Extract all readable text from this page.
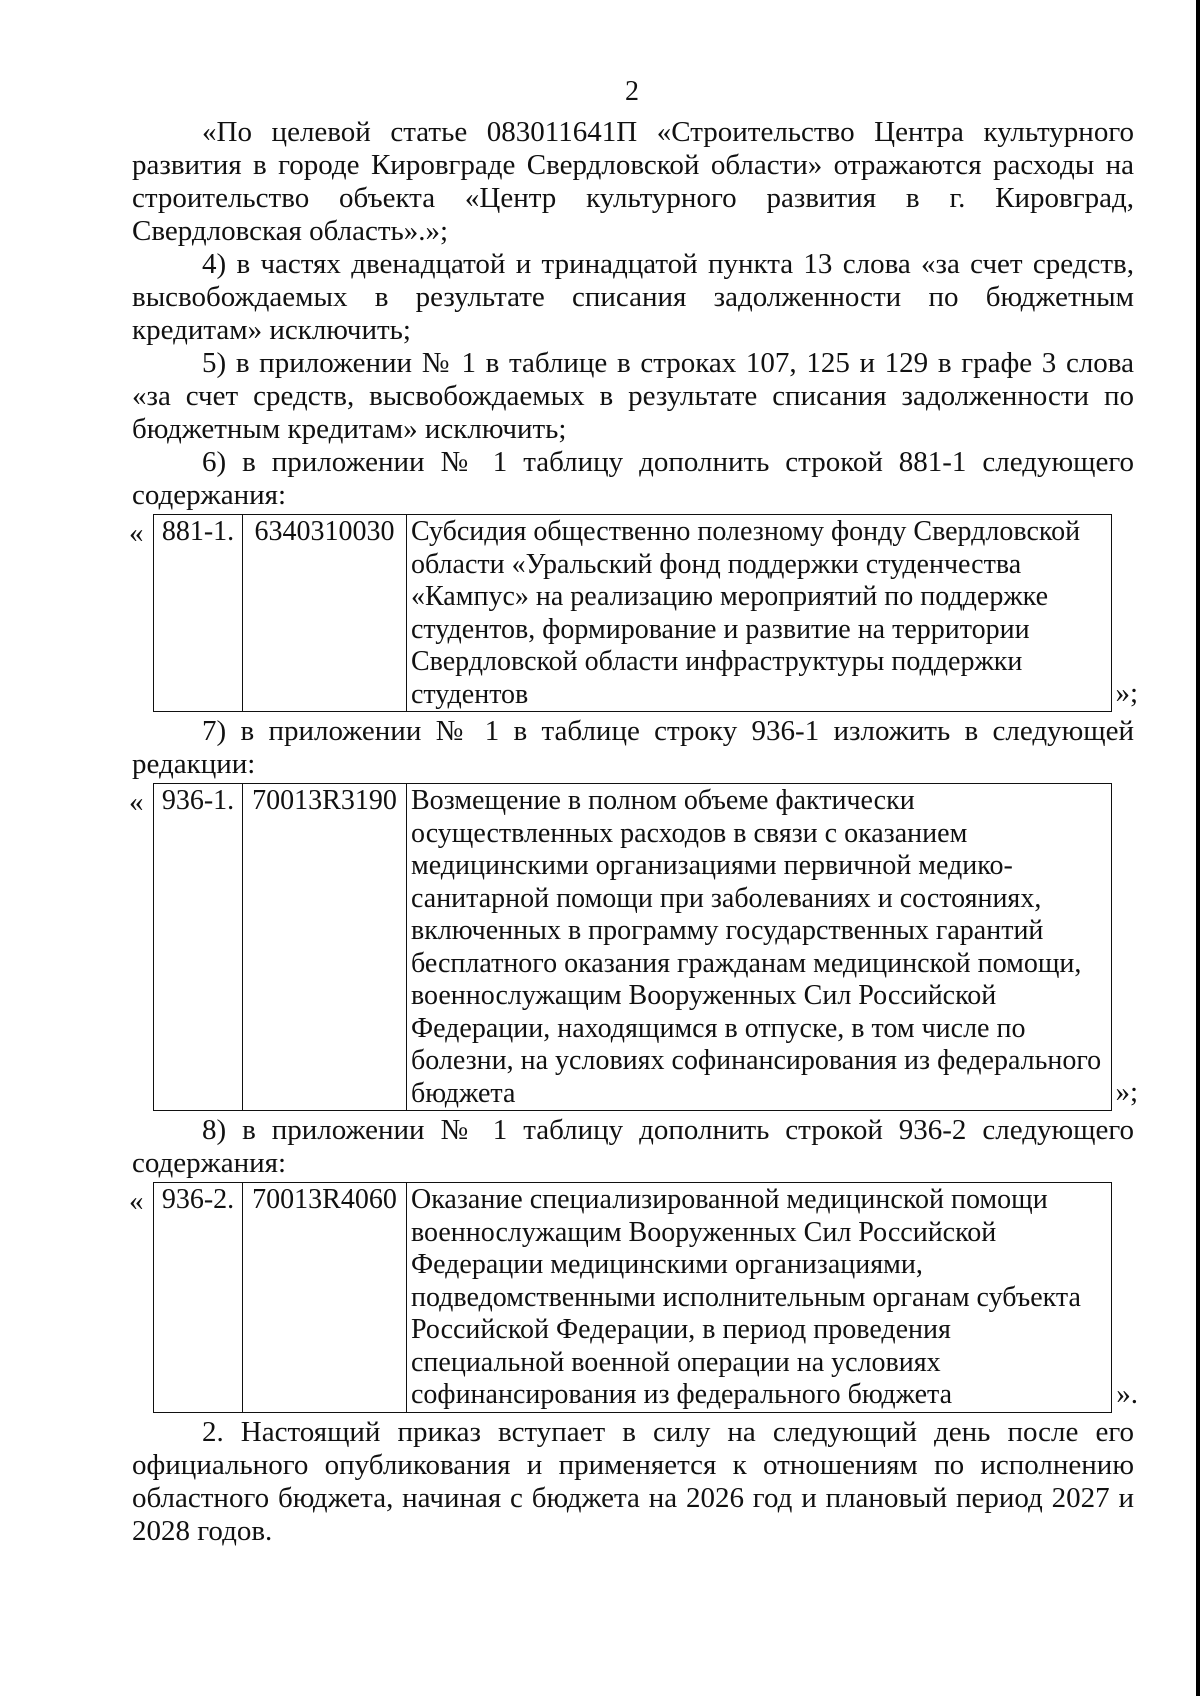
2

«По целевой статье 083011641П «Строительство Центра культурного развития в городе Кировграде Свердловской области» отражаются расходы на строительство объекта «Центр культурного развития в г. Кировград, Свердловская область».»;

4) в частях двенадцатой и тринадцатой пункта 13 слова «за счет средств, высвобождаемых в результате списания задолженности по бюджетным кредитам» исключить;

5) в приложении № 1 в таблице в строках 107, 125 и 129 в графе 3 слова «за счет средств, высвобождаемых в результате списания задолженности по бюджетным кредитам» исключить;

6) в приложении № 1 таблицу дополнить строкой 881-1 следующего содержания:

« 881-1.	6340310030	Субсидия общественно полезному фонду Свердловской области «Уральский фонд поддержки студенчества «Кампус» на реализацию мероприятий по поддержке студентов, формирование и развитие на территории Свердловской области инфраструктуры поддержки студентов	»;

7) в приложении № 1 в таблице строку 936-1 изложить в следующей редакции:

« 936-1.	70013R3190	Возмещение в полном объеме фактически осуществленных расходов в связи с оказанием медицинскими организациями первичной медико-санитарной помощи при заболеваниях и состояниях, включенных в программу государственных гарантий бесплатного оказания гражданам медицинской помощи, военнослужащим Вооруженных Сил Российской Федерации, находящимся в отпуске, в том числе по болезни, на условиях софинансирования из федерального бюджета	»;

8) в приложении № 1 таблицу дополнить строкой 936-2 следующего содержания:

« 936-2.	70013R4060	Оказание специализированной медицинской помощи военнослужащим Вооруженных Сил Российской Федерации медицинскими организациями, подведомственными исполнительным органам субъекта Российской Федерации, в период проведения специальной военной операции на условиях софинансирования из федерального бюджета	».

2. Настоящий приказ вступает в силу на следующий день после его официального опубликования и применяется к отношениям по исполнению областного бюджета, начиная с бюджета на 2026 год и плановый период 2027 и 2028 годов.
